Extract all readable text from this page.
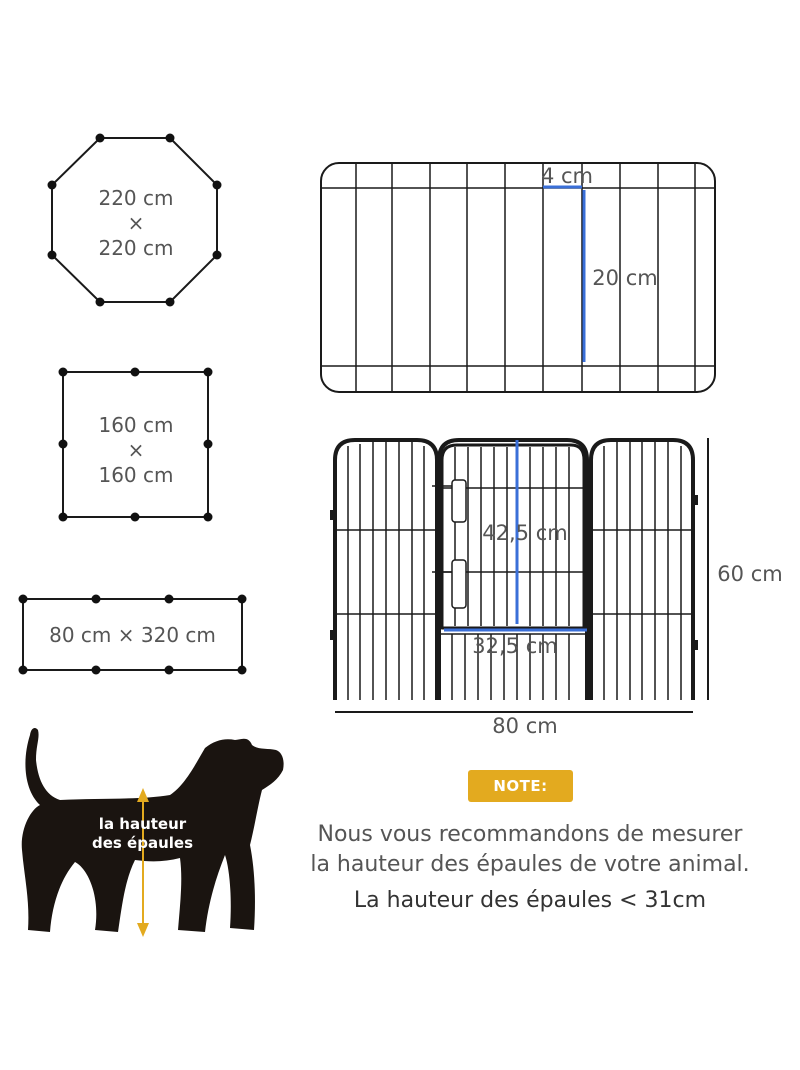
220 cm
×
220 cm
160 cm
×
160 cm
80 cm × 320 cm
4 cm
20 cm
42,5 cm
32,5 cm
60 cm
80 cm
la hauteur
des épaules
NOTE:
Nous vous recommandons de mesurer
la hauteur des épaules de votre animal.
La hauteur des épaules < 31cm
